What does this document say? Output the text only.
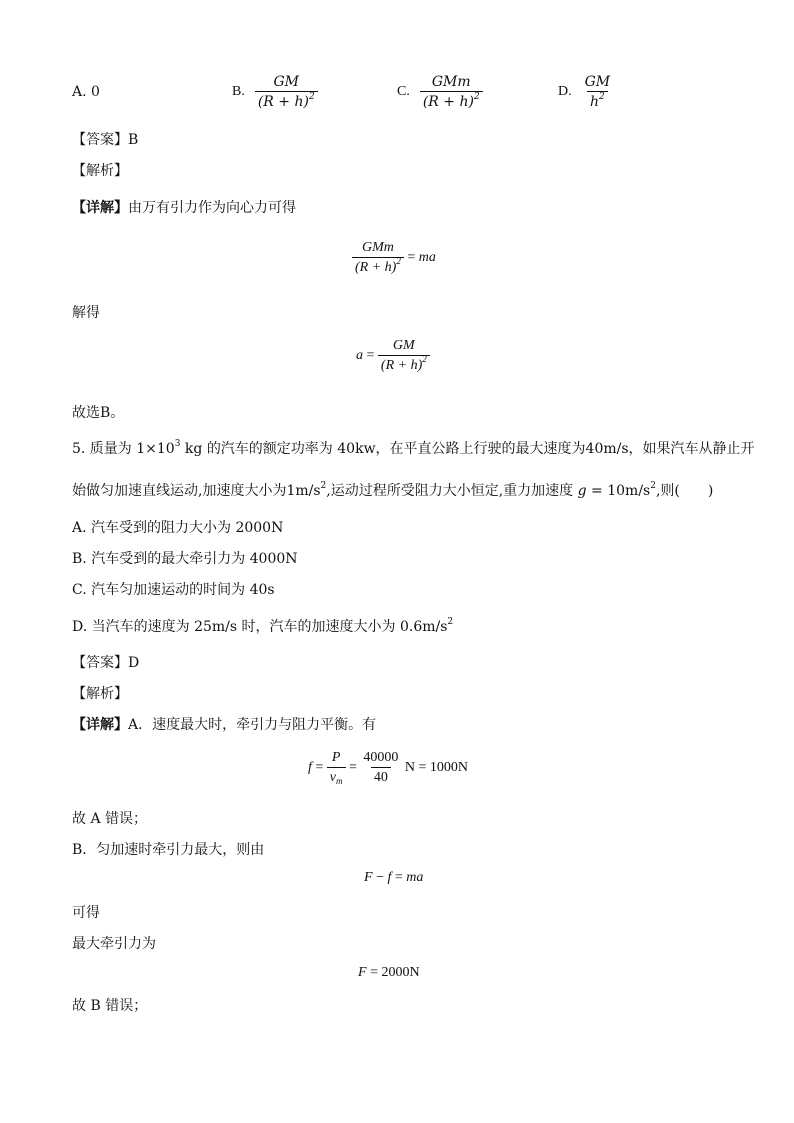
A. 0	B. $\frac{GM}{(R + h)^2}$	C. $\frac{\text{GMm}}{(R + h)^2}$	D. $\frac{GM}{h^2}$
【答案】B
【解析】
【详解】由万有引力作为向心力可得
$\frac{\text{GMm}}{(R + h)^2}$ = ma
解得
$a = \frac{GM}{(R + h)^2}$
故选B。
5. 质量为 $1\times 10^3$ kg 的汽车的额定功率为 40kw，在平直公路上行驶的最大速度为40m/s，如果汽车从静止开
始做匀加速直线运动,加速度大小为$1m/s^2$,运动过程所受阻力大小恒定,重力加速度 $g = 10m/s^2$,则(　　)
A. 汽车受到的阻力大小为 2000N
B. 汽车受到的最大牵引力为 4000N
C. 汽车匀加速运动的时间为 40s
D. 当汽车的速度为 25m/s 时，汽车的加速度大小为 $0.6m/s^2$
【答案】D
【解析】
【详解】A．速度最大时，牵引力与阻力平衡。有
$f = \frac{P}{v_m} = \frac{40000}{40}$ N = 1000N
故 A 错误；
B．匀加速时牵引力最大，则由
F − f = ma
可得
最大牵引力为
F = 2000N
故 B 错误；
